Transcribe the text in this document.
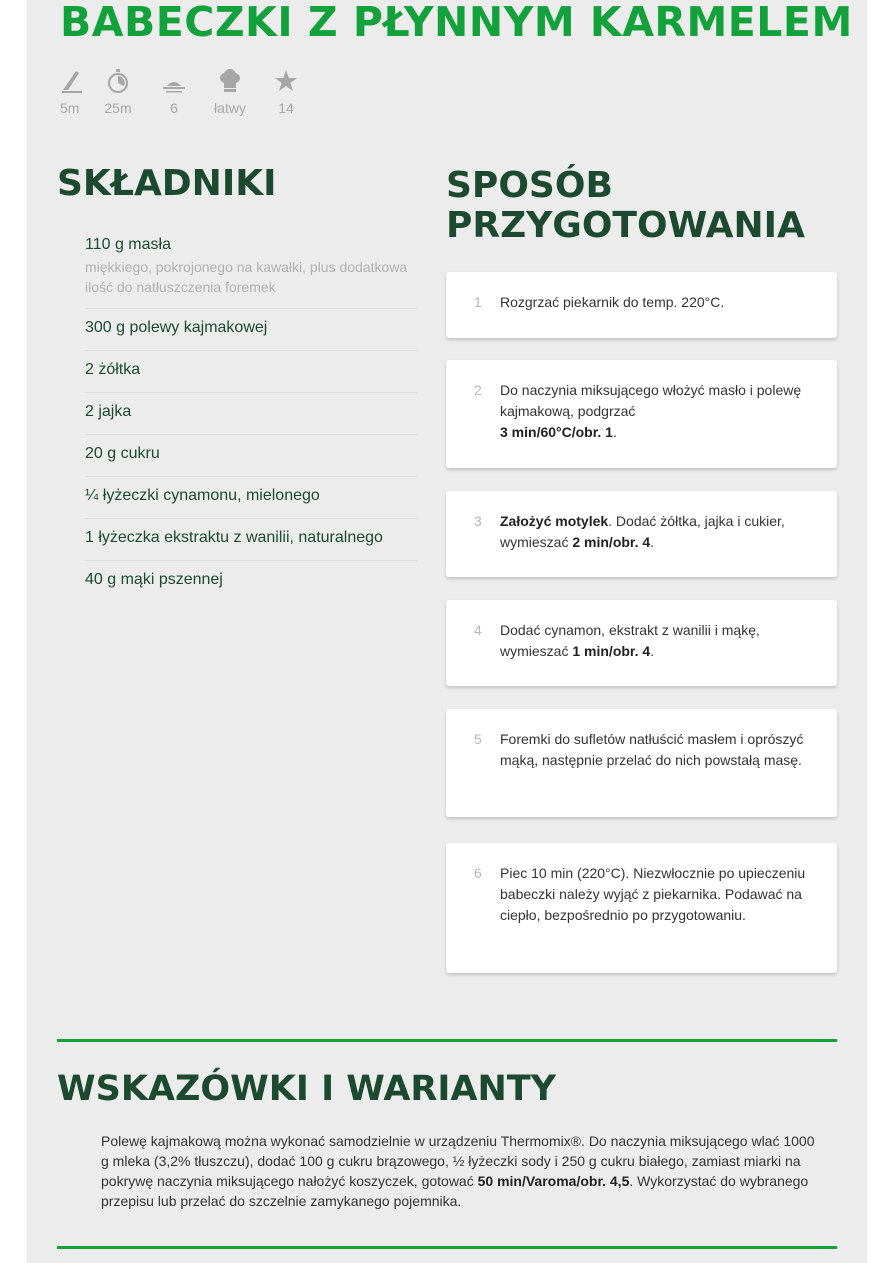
BABECZKI Z PŁYNNYM KARMELEM
5m 25m	6	łatwy 14
SKŁADNIKI
110 g masła
miękkiego, pokrojonego na kawałki, plus dodatkowa ilość do natłuszczenia foremek
300 g polewy kajmakowej
2 żółtka
2 jajka
20 g cukru
¼ łyżeczki cynamonu, mielonego
1 łyżeczka ekstraktu z wanilii, naturalnego
40 g mąki pszennej
SPOSÓB PRZYGOTOWANIA
1	Rozgrzać piekarnik do temp. 220°C.
2	Do naczynia miksującego włożyć masło i polewę kajmakową, podgrzać
3 min/60°C/obr. 1.
3	Założyć motylek. Dodać żółtka, jajka i cukier, wymieszać 2 min/obr. 4.
4	Dodać cynamon, ekstrakt z wanilii i mąkę, wymieszać 1 min/obr. 4.
5	Foremki do sufletów natłuścić masłem i oprószyć mąką, następnie przelać do nich powstałą masę.
6	Piec 10 min (220°C). Niezwłocznie po upieczeniu babeczki należy wyjąć z piekarnika. Podawać na ciepło, bezpośrednio po przygotowaniu.
WSKAZÓWKI I WARIANTY

Polewę kajmakową można wykonać samodzielnie w urządzeniu Thermomix®. Do naczynia miksującego wlać 1000 g mleka (3,2% tłuszczu), dodać 100 g cukru brązowego, ½ łyżeczki sody i 250 g cukru białego, zamiast miarki na pokrywę naczynia miksującego nałożyć koszyczek, gotować 50 min/Varoma/obr. 4,5. Wykorzystać do wybranego przepisu lub przelać do szczelnie zamykanego pojemnika.
